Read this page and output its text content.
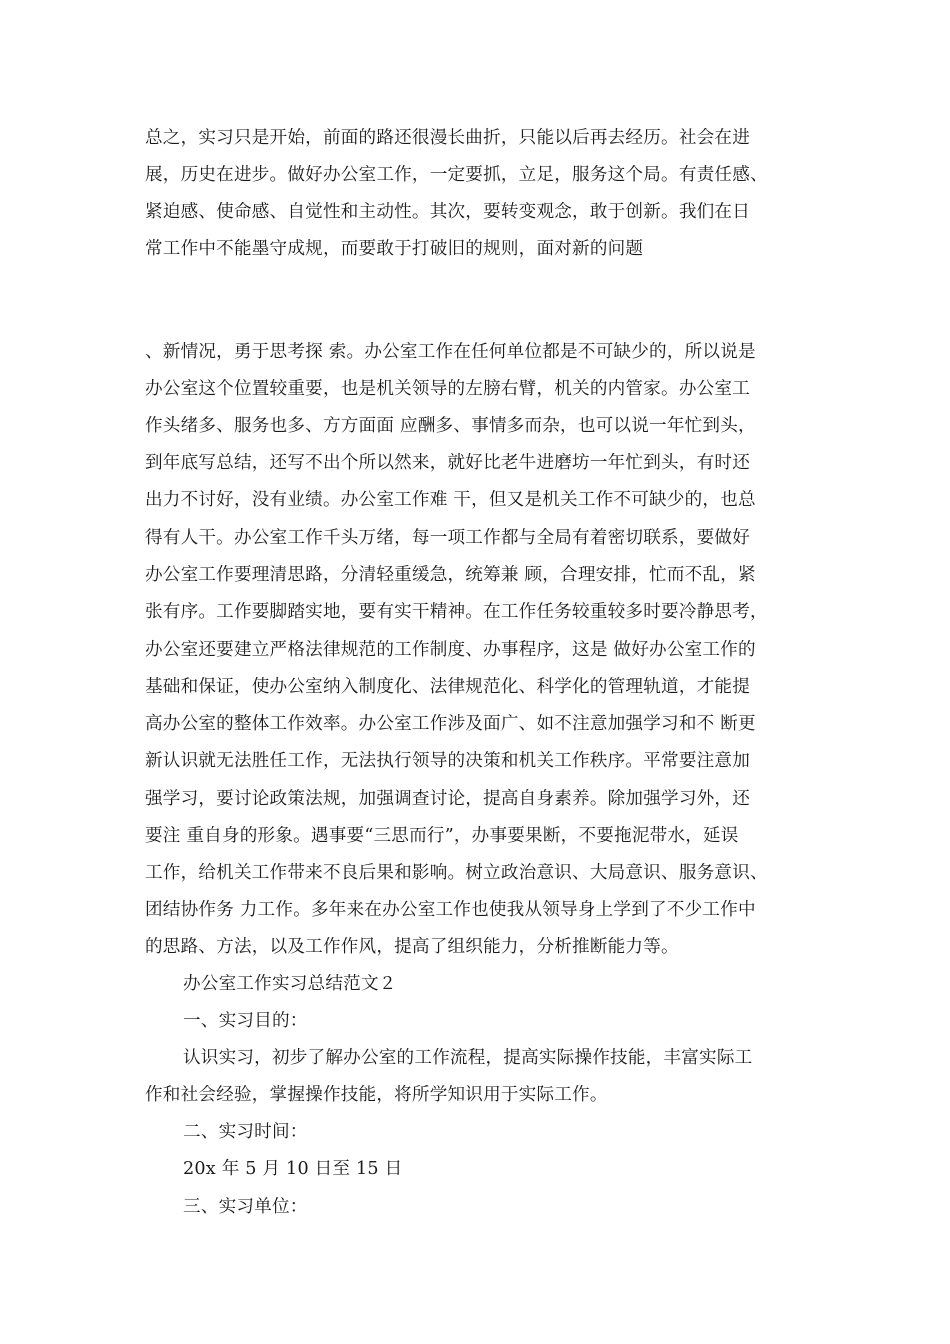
总之，实习只是开始，前面的路还很漫长曲折，只能以后再去经历。社会在进
展，历史在进步。做好办公室工作，一定要抓，立足，服务这个局。有责任感、
紧迫感、使命感、自觉性和主动性。其次，要转变观念，敢于创新。我们在日
常工作中不能墨守成规，而要敢于打破旧的规则，面对新的问题
、新情况，勇于思考探 索。办公室工作在任何单位都是不可缺少的，所以说是
办公室这个位置较重要，也是机关领导的左膀右臂，机关的内管家。办公室工
作头绪多、服务也多、方方面面 应酬多、事情多而杂，也可以说一年忙到头，
到年底写总结，还写不出个所以然来，就好比老牛进磨坊一年忙到头，有时还
出力不讨好，没有业绩。办公室工作难 干，但又是机关工作不可缺少的，也总
得有人干。办公室工作千头万绪，每一项工作都与全局有着密切联系，要做好
办公室工作要理清思路，分清轻重缓急，统筹兼 顾，合理安排，忙而不乱，紧
张有序。工作要脚踏实地，要有实干精神。在工作任务较重较多时要冷静思考，
办公室还要建立严格法律规范的工作制度、办事程序，这是 做好办公室工作的
基础和保证，使办公室纳入制度化、法律规范化、科学化的管理轨道，才能提
高办公室的整体工作效率。办公室工作涉及面广、如不注意加强学习和不 断更
新认识就无法胜任工作，无法执行领导的决策和机关工作秩序。平常要注意加
强学习，要讨论政策法规，加强调查讨论，提高自身素养。除加强学习外，还
要注 重自身的形象。遇事要“三思而行”，办事要果断，不要拖泥带水，延误
工作，给机关工作带来不良后果和影响。树立政治意识、大局意识、服务意识、
团结协作务 力工作。多年来在办公室工作也使我从领导身上学到了不少工作中
的思路、方法，以及工作作风，提高了组织能力，分析推断能力等。
办公室工作实习总结范文２
一、实习目的：
认识实习，初步了解办公室的工作流程，提高实际操作技能，丰富实际工
作和社会经验，掌握操作技能，将所学知识用于实际工作。
二、实习时间：
20x 年 5 月 10 日至 15 日
三、实习单位：
